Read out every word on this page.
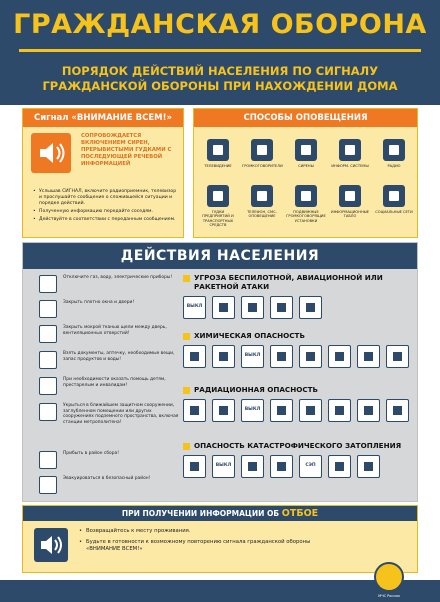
ГРАЖДАНСКАЯ ОБОРОНА
ПОРЯДОК ДЕЙСТВИЙ НАСЕЛЕНИЯ ПО СИГНАЛУ
ГРАЖДАНСКОЙ ОБОРОНЫ ПРИ НАХОЖДЕНИИ ДОМА
Сигнал «ВНИМАНИЕ ВСЕМ!»
СОПРОВОЖДАЕТСЯ ВКЛЮЧЕНИЕМ СИРЕН, ПРЕРЫВИСТЫМИ ГУДКАМИ С ПОСЛЕДУЮЩЕЙ РЕЧЕВОЙ ИНФОРМАЦИЕЙ
• Услышав СИГНАЛ, включите радиоприемник, телевизор и прослушайте сообщение о сложившейся ситуации и порядке действий.
• Полученную информацию передайте соседям.
• Действуйте в соответствии с переданным сообщением.
СПОСОБЫ ОПОВЕЩЕНИЯ
ТЕЛЕВИДЕНИЕ	ГРОМКОГОВОРИТЕЛИ	СИРЕНЫ	ИНФОРМ. СИСТЕМЫ	РАДИО
ГУДКИ ПРЕДПРИЯТИЙ И ТРАНСПОРТНЫХ СРЕДСТВ
ТЕЛЕФОН, СМС-ОПОВЕЩЕНИЕ
ПОДВИЖНЫЕ ГРОМКОГОВОРЯЩИЕ УСТАНОВКИ
ИНФОРМАЦИОННЫЕ ТАБЛО
СОЦИАЛЬНЫЕ СЕТИ
ДЕЙСТВИЯ НАСЕЛЕНИЯ
Отключите газ, воду, электрические приборы!
Закрыть плотно окна и двери!
Закрыть мокрой тканью щели между дверь, вентиляционных отверстий!
Взять документы, аптечку, необходимые вещи, запас продуктов и воды!
При необходимости оказать помощь детям, престарелым и инвалидам!
Укрыться в ближайшем защитном сооружении, заглубленном помещении или других сооружениях подземного пространства, включая станции метрополитена!
Прибыть в район сбора!
Эвакуироваться в безопасный район!
УГРОЗА БЕСПИЛОТНОЙ, АВИАЦИОННОЙ ИЛИ РАКЕТНОЙ АТАКИ
ВЫКЛ
ХИМИЧЕСКАЯ ОПАСНОСТЬ
ВЫКЛ
РАДИАЦИОННАЯ ОПАСНОСТЬ
ВЫКЛ
ОПАСНОСТЬ КАТАСТРОФИЧЕСКОГО ЗАТОПЛЕНИЯ
ВЫКЛ	СЭП
ПРИ ПОЛУЧЕНИИ ИНФОРМАЦИИ ОБ ОТБОЕ
• Возвращайтесь к месту проживания.
• Будьте в готовности к возможному повторению сигнала гражданской обороны «ВНИМАНИЕ ВСЕМ!»
МЧС России
